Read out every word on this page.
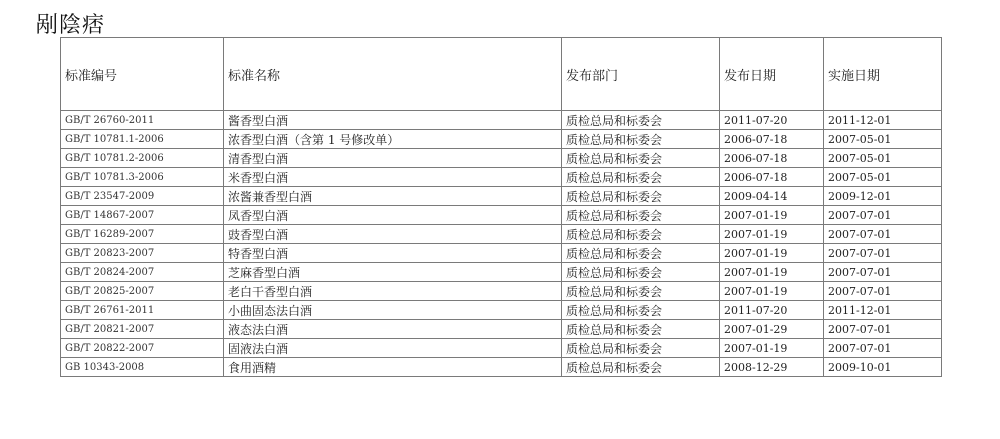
剐陰痞
标准编号	标准名称	发布部门	发布日期	实施日期
GB/T 26760-2011	酱香型白酒	质检总局和标委会	2011-07-20	2011-12-01
GB/T 10781.1-2006	浓香型白酒（含第 1 号修改单）	质检总局和标委会	2006-07-18	2007-05-01
GB/T 10781.2-2006	清香型白酒	质检总局和标委会	2006-07-18	2007-05-01
GB/T 10781.3-2006	米香型白酒	质检总局和标委会	2006-07-18	2007-05-01
GB/T 23547-2009	浓酱兼香型白酒	质检总局和标委会	2009-04-14	2009-12-01
GB/T 14867-2007	凤香型白酒	质检总局和标委会	2007-01-19	2007-07-01
GB/T 16289-2007	豉香型白酒	质检总局和标委会	2007-01-19	2007-07-01
GB/T 20823-2007	特香型白酒	质检总局和标委会	2007-01-19	2007-07-01
GB/T 20824-2007	芝麻香型白酒	质检总局和标委会	2007-01-19	2007-07-01
GB/T 20825-2007	老白干香型白酒	质检总局和标委会	2007-01-19	2007-07-01
GB/T 26761-2011	小曲固态法白酒	质检总局和标委会	2011-07-20	2011-12-01
GB/T 20821-2007	液态法白酒	质检总局和标委会	2007-01-29	2007-07-01
GB/T 20822-2007	固液法白酒	质检总局和标委会	2007-01-19	2007-07-01
GB 10343-2008	食用酒精	质检总局和标委会	2008-12-29	2009-10-01
